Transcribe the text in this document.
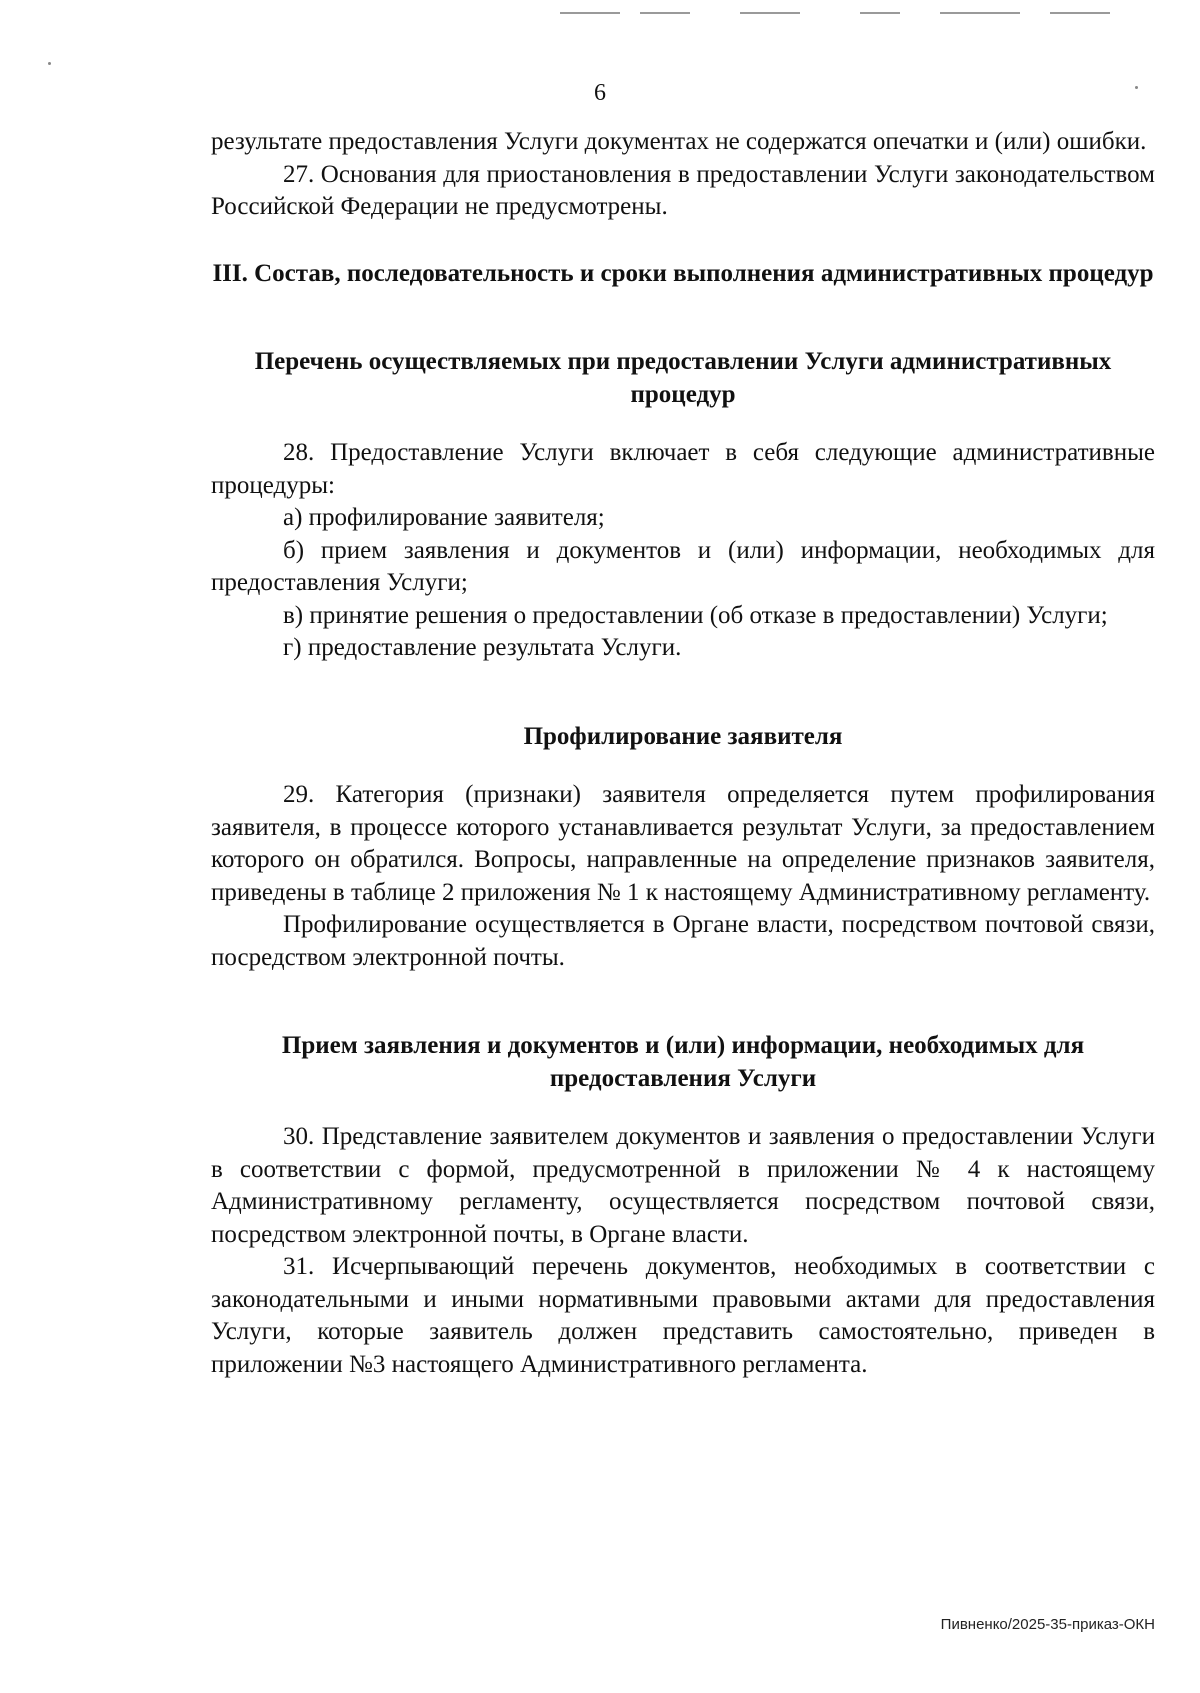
6

результате предоставления Услуги документах не содержатся опечатки и (или) ошибки.

27. Основания для приостановления в предоставлении Услуги законодательством Российской Федерации не предусмотрены.

III. Состав, последовательность и сроки выполнения административных процедур
Перечень осуществляемых при предоставлении Услуги административных процедур

28. Предоставление Услуги включает в себя следующие административные процедуры:

а) профилирование заявителя;

б) прием заявления и документов и (или) информации, необходимых для предоставления Услуги;

в) принятие решения о предоставлении (об отказе в предоставлении) Услуги;

г) предоставление результата Услуги.

Профилирование заявителя

29. Категория (признаки) заявителя определяется путем профилирования заявителя, в процессе которого устанавливается результат Услуги, за предоставлением которого он обратился. Вопросы, направленные на определение признаков заявителя, приведены в таблице 2 приложения № 1 к настоящему Административному регламенту.

Профилирование осуществляется в Органе власти, посредством почтовой связи, посредством электронной почты.

Прием заявления и документов и (или) информации, необходимых для предоставления Услуги

30. Представление заявителем документов и заявления о предоставлении Услуги в соответствии с формой, предусмотренной в приложении № 4 к настоящему Административному регламенту, осуществляется посредством почтовой связи, посредством электронной почты, в Органе власти.

31. Исчерпывающий перечень документов, необходимых в соответствии с законодательными и иными нормативными правовыми актами для предоставления Услуги, которые заявитель должен представить самостоятельно, приведен в приложении №3 настоящего Административного регламента.

Пивненко/2025-35-приказ-ОКН
